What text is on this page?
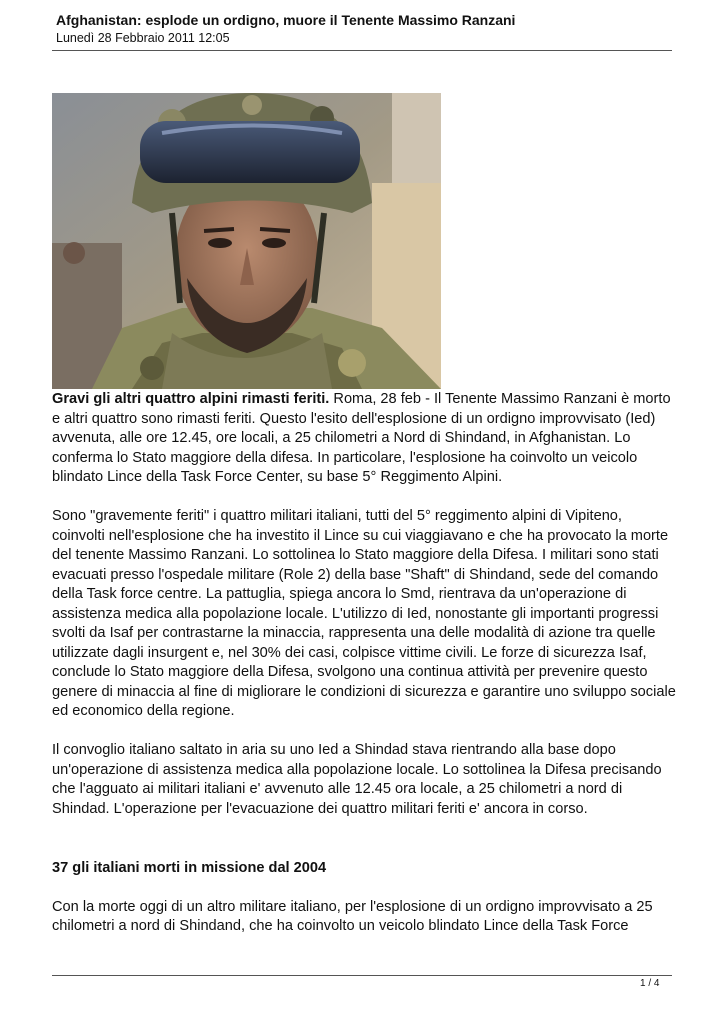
Afghanistan: esplode un ordigno, muore il Tenente Massimo Ranzani
Lunedì 28 Febbraio 2011 12:05

Gravi gli altri quattro alpini rimasti feriti. Roma, 28 feb - Il Tenente Massimo Ranzani è morto e altri quattro sono rimasti feriti. Questo l'esito dell'esplosione di un ordigno improvvisato (Ied) avvenuta, alle ore 12.45, ore locali, a 25 chilometri a Nord di Shindand, in Afghanistan. Lo conferma lo Stato maggiore della difesa. In particolare, l'esplosione ha coinvolto un veicolo blindato Lince della Task Force Center, su base 5° Reggimento Alpini.

Sono "gravemente feriti" i quattro militari italiani, tutti del 5° reggimento alpini di Vipiteno, coinvolti nell'esplosione che ha investito il Lince su cui viaggiavano e che ha provocato la morte del tenente Massimo Ranzani. Lo sottolinea lo Stato maggiore della Difesa. I militari sono stati evacuati presso l'ospedale militare (Role 2) della base "Shaft" di Shindand, sede del comando della Task force centre. La pattuglia, spiega ancora lo Smd, rientrava da un'operazione di assistenza medica alla popolazione locale. L'utilizzo di Ied, nonostante gli importanti progressi svolti da Isaf per contrastarne la minaccia, rappresenta una delle modalità di azione tra quelle utilizzate dagli insurgent e, nel 30% dei casi, colpisce vittime civili. Le forze di sicurezza Isaf, conclude lo Stato maggiore della Difesa, svolgono una continua attività per prevenire questo genere di minaccia al fine di migliorare le condizioni di sicurezza e garantire uno sviluppo sociale ed economico della regione.

Il convoglio italiano saltato in aria su uno Ied a Shindad stava rientrando alla base dopo un'operazione di assistenza medica alla popolazione locale. Lo sottolinea la Difesa precisando che l'agguato ai militari italiani e' avvenuto alle 12.45 ora locale, a 25 chilometri a nord di Shindad. L'operazione per l'evacuazione dei quattro militari feriti e' ancora in corso.

37 gli italiani morti in missione dal 2004

Con la morte oggi di un altro militare italiano, per l'esplosione di un ordigno improvvisato a 25 chilometri a nord di Shindand, che ha coinvolto un veicolo blindato Lince della Task Force

1 / 4
